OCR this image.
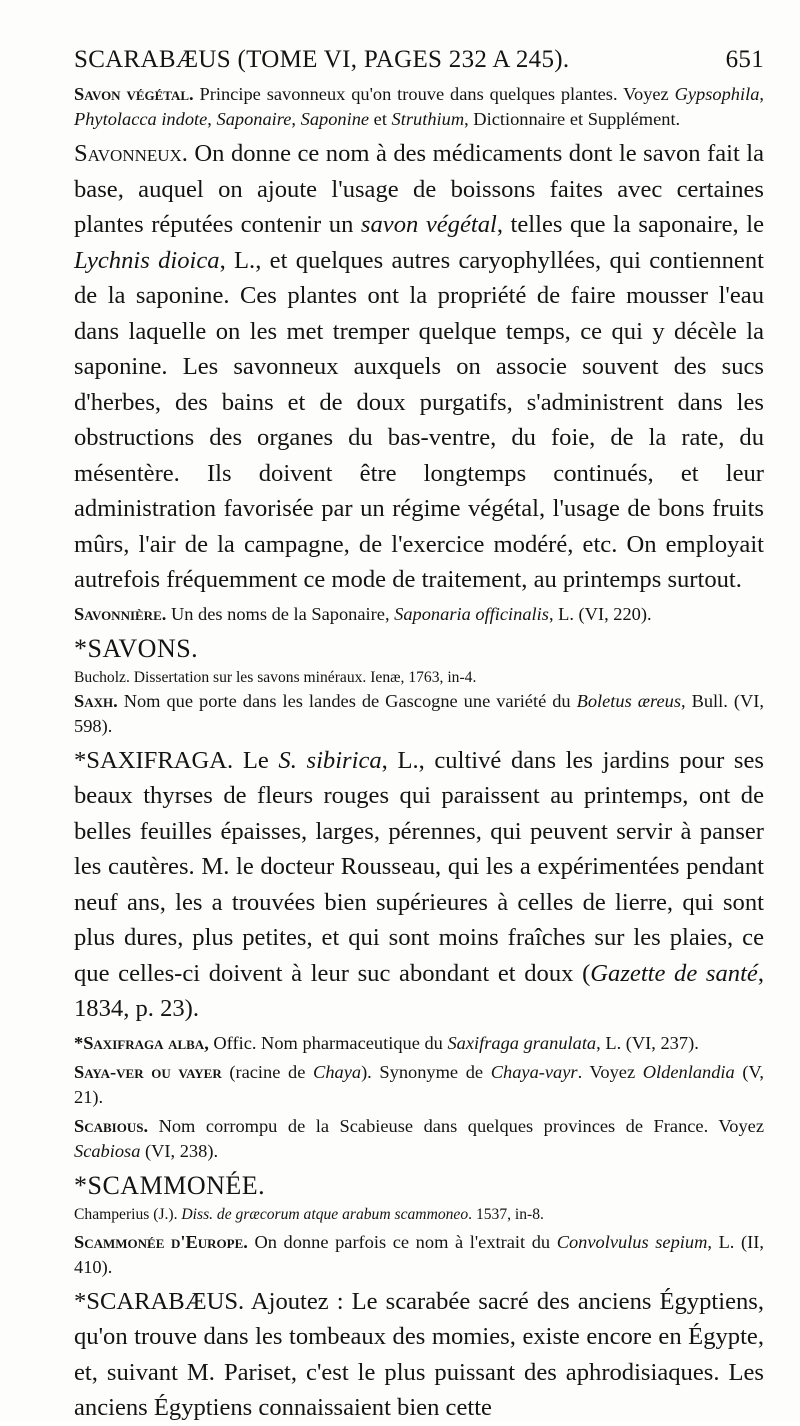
SCARABÆUS (TOME VI, PAGES 232 A 245).	651

Savon végétal. Principe savonneux qu'on trouve dans quelques plantes. Voyez Gypsophila, Phytolacca indote, Saponaire, Saponine et Struthium, Dictionnaire et Supplément.

Savonneux. On donne ce nom à des médicaments dont le savon fait la base, auquel on ajoute l'usage de boissons faites avec certaines plantes réputées contenir un savon végétal, telles que la saponaire, le Lychnis dioica, L., et quelques autres caryophyllées, qui contiennent de la saponine. Ces plantes ont la propriété de faire mousser l'eau dans laquelle on les met tremper quelque temps, ce qui y décèle la saponine. Les savonneux auxquels on associe souvent des sucs d'herbes, des bains et de doux purgatifs, s'administrent dans les obstructions des organes du bas-ventre, du foie, de la rate, du mésentère. Ils doivent être longtemps continués, et leur administration favorisée par un régime végétal, l'usage de bons fruits mûrs, l'air de la campagne, de l'exercice modéré, etc. On employait autrefois fréquemment ce mode de traitement, au printemps surtout.

Savonnière. Un des noms de la Saponaire, Saponaria officinalis, L. (VI, 220).

*SAVONS.

Bucholz. Dissertation sur les savons minéraux. Ienæ, 1763, in-4.

Saxh. Nom que porte dans les landes de Gascogne une variété du Boletus æreus, Bull. (VI, 598).

*SAXIFRAGA. Le S. sibirica, L., cultivé dans les jardins pour ses beaux thyrses de fleurs rouges qui paraissent au printemps, ont de belles feuilles épaisses, larges, pérennes, qui peuvent servir à panser les cautères. M. le docteur Rousseau, qui les a expérimentées pendant neuf ans, les a trouvées bien supérieures à celles de lierre, qui sont plus dures, plus petites, et qui sont moins fraîches sur les plaies, ce que celles-ci doivent à leur suc abondant et doux (Gazette de santé, 1834, p. 23).

*Saxifraga alba, Offic. Nom pharmaceutique du Saxifraga granulata, L. (VI, 237).

Saya-ver ou vayer (racine de Chaya). Synonyme de Chaya-vayr. Voyez Oldenlandia (V, 21).

Scabious. Nom corrompu de la Scabieuse dans quelques provinces de France. Voyez Scabiosa (VI, 238).

*SCAMMONÉE.

Champerius (J.). Diss. de græcorum atque arabum scammoneo. 1537, in-8.

Scammonée d'Europe. On donne parfois ce nom à l'extrait du Convolvulus sepium, L. (II, 410).

*SCARABÆUS. Ajoutez : Le scarabée sacré des anciens Égyptiens, qu'on trouve dans les tombeaux des momies, existe encore en Égypte, et, suivant M. Pariset, c'est le plus puissant des aphrodisiaques. Les anciens Égyptiens connaissaient bien cette
